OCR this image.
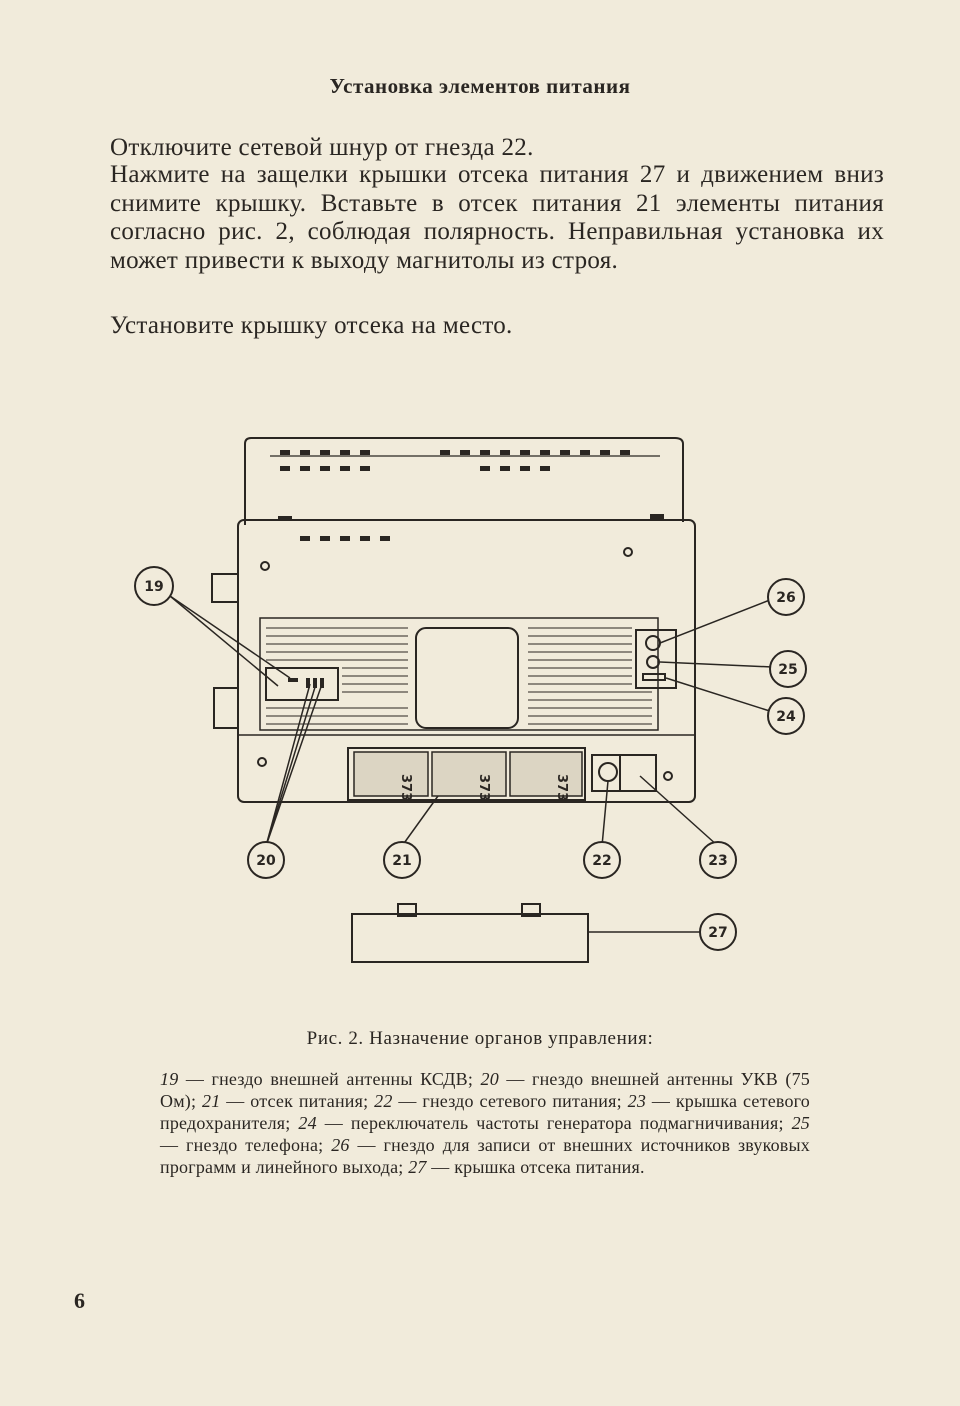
Установка элементов питания
Отключите сетевой шнур от гнезда 22.
Нажмите на защелки крышки отсека питания 27 и движением вниз снимите крышку. Вставьте в отсек питания 21 элементы питания согласно рис. 2, соблюдая полярность. Неправильная установка их может привести к выходу магнитолы из строя.
Установите крышку отсека на место.
373	373	373
19
20	21	22	23
24
25
26
27
Рис. 2. Назначение органов управления:
19 — гнездо внешней антенны КСДВ; 20 — гнездо внешней антенны УКВ (75 Ом); 21 — отсек питания; 22 — гнездо сетевого питания; 23 — крышка сетевого предохранителя; 24 — переключатель частоты генератора подмагничивания; 25 — гнездо телефона; 26 — гнездо для записи от внешних источников звуковых программ и линейного выхода; 27 — крышка отсека питания.
6
